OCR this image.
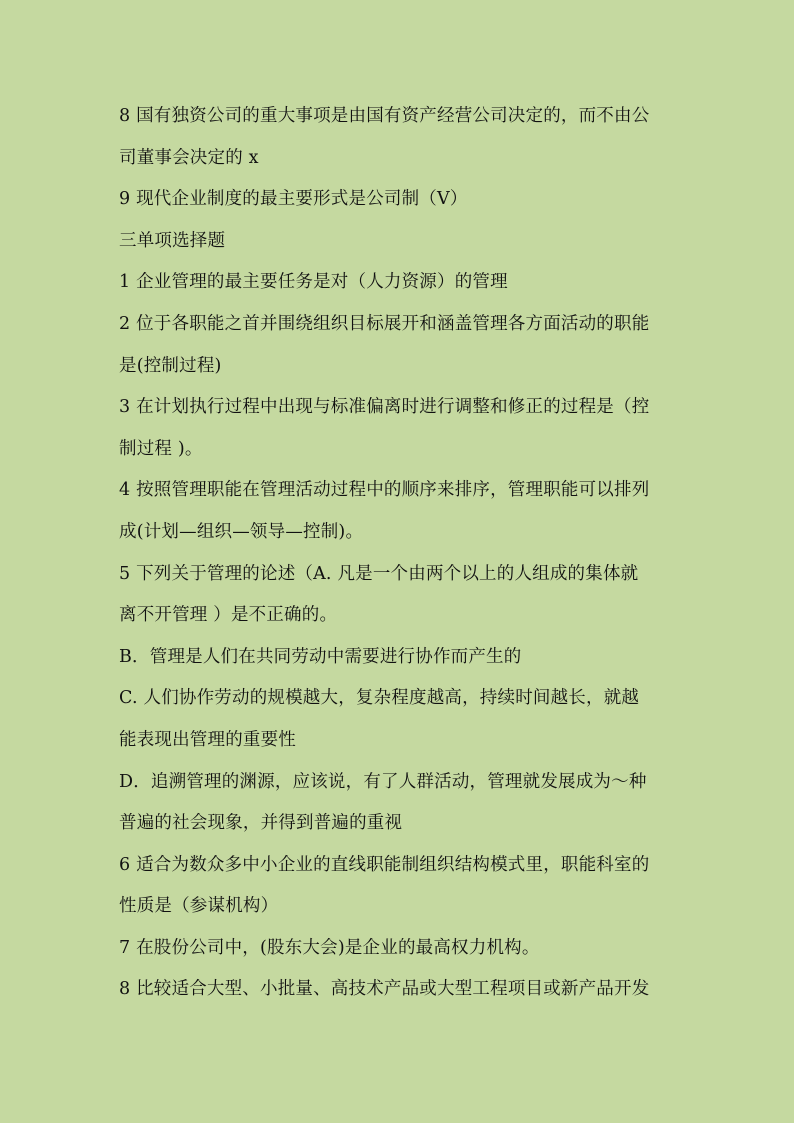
8 国有独资公司的重大事项是由国有资产经营公司决定的，而不由公
司董事会决定的 x
9 现代企业制度的最主要形式是公司制（V）
三单项选择题
1 企业管理的最主要任务是对（人力资源）的管理
2 位于各职能之首并围绕组织目标展开和涵盖管理各方面活动的职能
是(控制过程)
3 在计划执行过程中出现与标准偏离时进行调整和修正的过程是（控
制过程 )。
4 按照管理职能在管理活动过程中的顺序来排序，管理职能可以排列
成(计划—组织—领导—控制)。
5 下列关于管理的论述（A. 凡是一个由两个以上的人组成的集体就
离不开管理 ）是不正确的。
B．管理是人们在共同劳动中需要进行协作而产生的
C. 人们协作劳动的规模越大，复杂程度越高，持续时间越长，就越
能表现出管理的重要性
D．追溯管理的渊源，应该说，有了人群活动，管理就发展成为～种
普遍的社会现象，并得到普遍的重视
6 适合为数众多中小企业的直线职能制组织结构模式里，职能科室的
性质是（参谋机构）
7 在股份公司中，(股东大会)是企业的最高权力机构。
8 比较适合大型、小批量、高技术产品或大型工程项目或新产品开发
